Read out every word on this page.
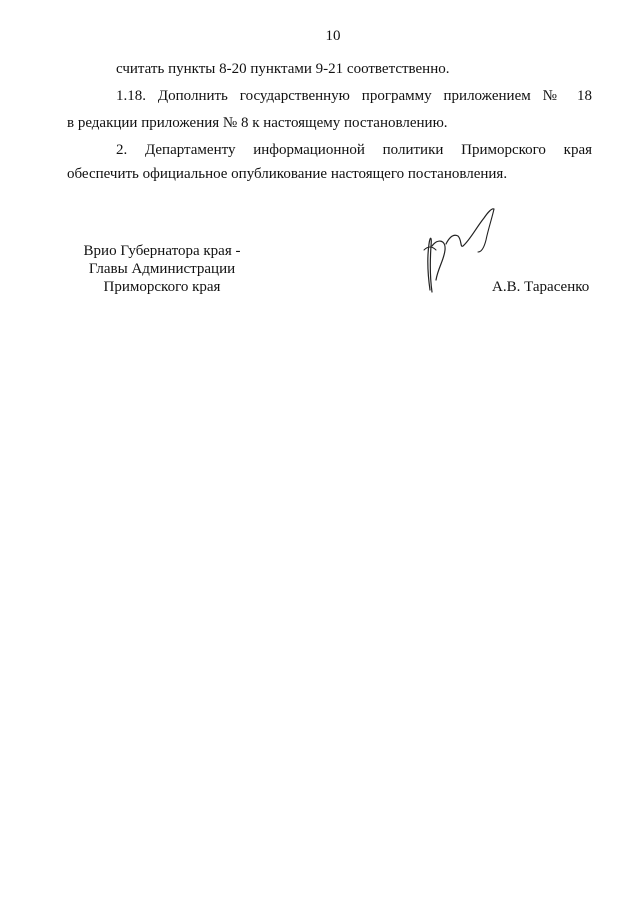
10
считать пункты 8-20 пунктами 9-21 соответственно.
1.18. Дополнить государственную программу приложением № 18
в редакции приложения № 8 к настоящему постановлению.
2. Департаменту информационной политики Приморского края
обеспечить официальное опубликование настоящего постановления.
Врио Губернатора края -
Главы Администрации
Приморского края	А.В. Тарасенко
